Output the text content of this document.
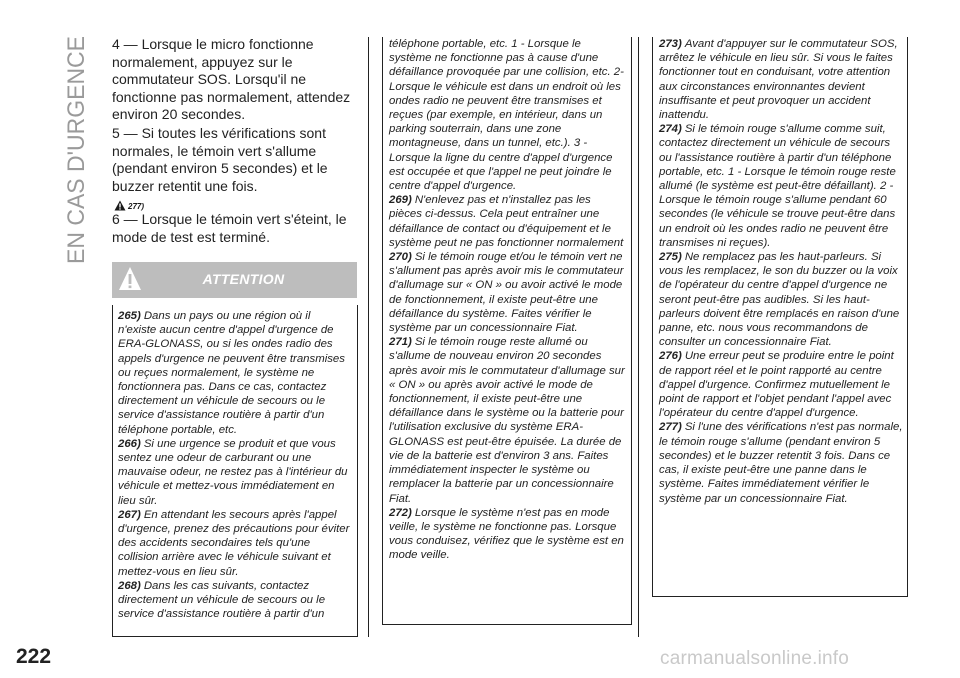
EN CAS D'URGENCE 4 — Lorsque le micro fonctionne normalement, appuyez sur le commutateur SOS. Lorsqu'il ne fonctionne pas normalement, attendez environ 20 secondes.

5 — Si toutes les vérifications sont normales, le témoin vert s'allume (pendant environ 5 secondes) et le buzzer retentit une fois.

277)

6 — Lorsque le témoin vert s'éteint, le mode de test est terminé.

ATTENTION

265) Dans un pays ou une région où il n'existe aucun centre d'appel d'urgence de ERA-GLONASS, ou si les ondes radio des appels d'urgence ne peuvent être transmises ou reçues normalement, le système ne fonctionnera pas. Dans ce cas, contactez directement un véhicule de secours ou le service d'assistance routière à partir d'un téléphone portable, etc.

266) Si une urgence se produit et que vous sentez une odeur de carburant ou une mauvaise odeur, ne restez pas à l'intérieur du véhicule et mettez-vous immédiatement en lieu sûr.

267) En attendant les secours après l'appel d'urgence, prenez des précautions pour éviter des accidents secondaires tels qu'une collision arrière avec le véhicule suivant et mettez-vous en lieu sûr.

268) Dans les cas suivants, contactez directement un véhicule de secours ou le service d'assistance routière à partir d'un

téléphone portable, etc. 1 - Lorsque le système ne fonctionne pas à cause d'une défaillance provoquée par une collision, etc. 2- Lorsque le véhicule est dans un endroit où les ondes radio ne peuvent être transmises et reçues (par exemple, en intérieur, dans un parking souterrain, dans une zone montagneuse, dans un tunnel, etc.). 3 - Lorsque la ligne du centre d'appel d'urgence est occupée et que l'appel ne peut joindre le centre d'appel d'urgence.

269) N'enlevez pas et n'installez pas les pièces ci-dessus. Cela peut entraîner une défaillance de contact ou d'équipement et le système peut ne pas fonctionner normalement

270) Si le témoin rouge et/ou le témoin vert ne s'allument pas après avoir mis le commutateur d'allumage sur « ON » ou avoir activé le mode de fonctionnement, il existe peut-être une défaillance du système. Faites vérifier le système par un concessionnaire Fiat.

271) Si le témoin rouge reste allumé ou s'allume de nouveau environ 20 secondes après avoir mis le commutateur d'allumage sur « ON » ou après avoir activé le mode de fonctionnement, il existe peut-être une défaillance dans le système ou la batterie pour l'utilisation exclusive du système ERA-GLONASS est peut-être épuisée. La durée de vie de la batterie est d'environ 3 ans. Faites immédiatement inspecter le système ou remplacer la batterie par un concessionnaire Fiat.

272) Lorsque le système n'est pas en mode veille, le système ne fonctionne pas. Lorsque vous conduisez, vérifiez que le système est en mode veille.

273) Avant d'appuyer sur le commutateur SOS, arrêtez le véhicule en lieu sûr. Si vous le faites fonctionner tout en conduisant, votre attention aux circonstances environnantes devient insuffisante et peut provoquer un accident inattendu.

274) Si le témoin rouge s'allume comme suit, contactez directement un véhicule de secours ou l'assistance routière à partir d'un téléphone portable, etc. 1 - Lorsque le témoin rouge reste allumé (le système est peut-être défaillant). 2 - Lorsque le témoin rouge s'allume pendant 60 secondes (le véhicule se trouve peut-être dans un endroit où les ondes radio ne peuvent être transmises ni reçues).

275) Ne remplacez pas les haut-parleurs. Si vous les remplacez, le son du buzzer ou la voix de l'opérateur du centre d'appel d'urgence ne seront peut-être pas audibles. Si les haut-parleurs doivent être remplacés en raison d'une panne, etc. nous vous recommandons de consulter un concessionnaire Fiat.

276) Une erreur peut se produire entre le point de rapport réel et le point rapporté au centre d'appel d'urgence. Confirmez mutuellement le point de rapport et l'objet pendant l'appel avec l'opérateur du centre d'appel d'urgence.

277) Si l'une des vérifications n'est pas normale, le témoin rouge s'allume (pendant environ 5 secondes) et le buzzer retentit 3 fois. Dans ce cas, il existe peut-être une panne dans le système. Faites immédiatement vérifier le système par un concessionnaire Fiat.

222	carmanualsonline.info
